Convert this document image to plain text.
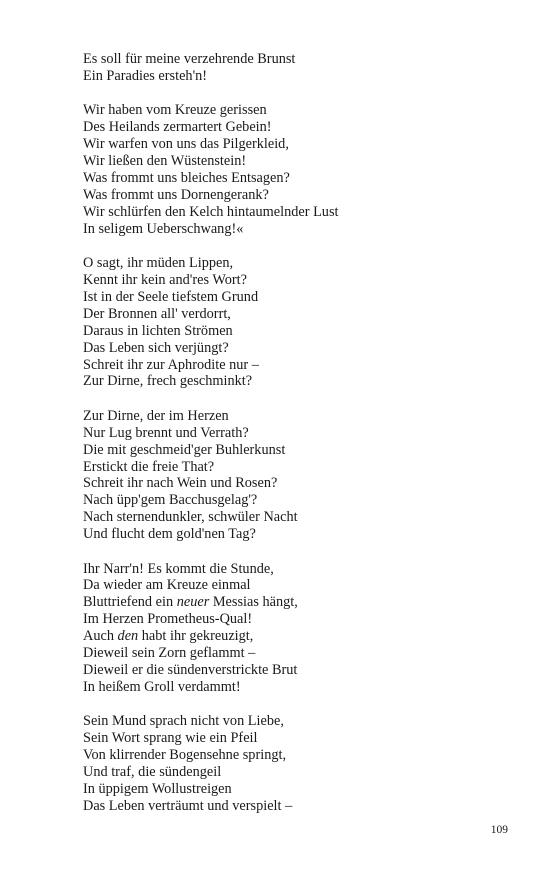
Es soll für meine verzehrende Brunst
Ein Paradies ersteh'n!
Wir haben vom Kreuze gerissen
Des Heilands zermartert Gebein!
Wir warfen von uns das Pilgerkleid,
Wir ließen den Wüstenstein!
Was frommt uns bleiches Entsagen?
Was frommt uns Dornengerank?
Wir schlürfen den Kelch hintaumelnder Lust
In seligem Ueberschwang!«
O sagt, ihr müden Lippen,
Kennt ihr kein and'res Wort?
Ist in der Seele tiefstem Grund
Der Bronnen all' verdorrt,
Daraus in lichten Strömen
Das Leben sich verjüngt?
Schreit ihr zur Aphrodite nur –
Zur Dirne, frech geschminkt?
Zur Dirne, der im Herzen
Nur Lug brennt und Verrath?
Die mit geschmeid'ger Buhlerkunst
Erstickt die freie That?
Schreit ihr nach Wein und Rosen?
Nach üpp'gem Bacchusgelag'?
Nach sternendunkler, schwüler Nacht
Und flucht dem gold'nen Tag?
Ihr Narr'n! Es kommt die Stunde,
Da wieder am Kreuze einmal
Bluttriefend ein neuer Messias hängt,
Im Herzen Prometheus-Qual!
Auch den habt ihr gekreuzigt,
Dieweil sein Zorn geflammt –
Dieweil er die sündenverstrickte Brut
In heißem Groll verdammt!
Sein Mund sprach nicht von Liebe,
Sein Wort sprang wie ein Pfeil
Von klirrender Bogensehne springt,
Und traf, die sündengeil
In üppigem Wollustreigen
Das Leben verträumt und verspielt –
109
